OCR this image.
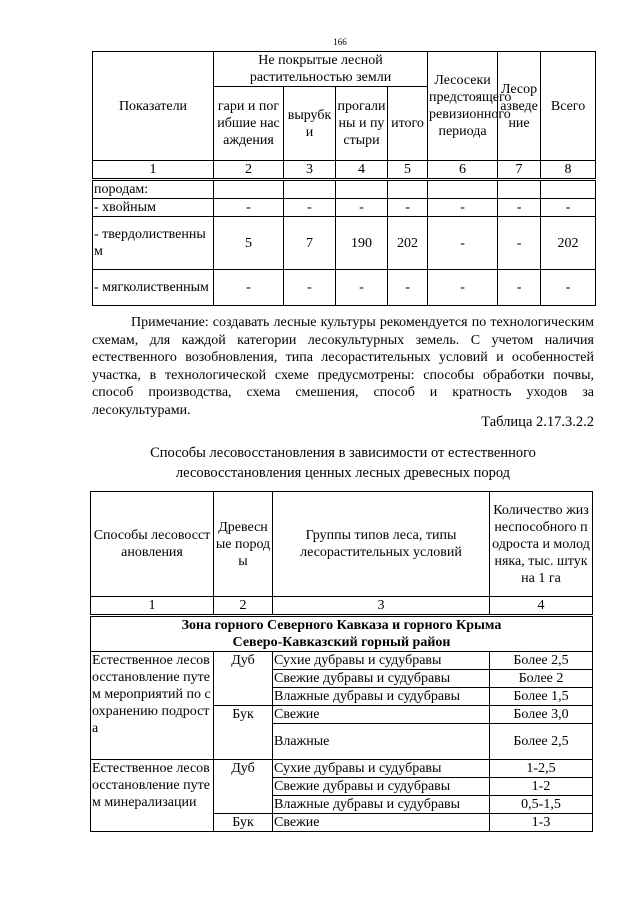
166
Показатели	Не покрытые лесной растительностью земли				Лесосеки предстоящего ревизионного периода	Лесоразведение	Всего
	гари и погибшие насаждения	вырубки	прогалины и пустыри	итого			
1	2	3	4	5	6	7	8
породам:							
- хвойным	-	-	-	-	-	-	-
- твердолиственным	5	7	190	202	-	-	202
- мягколиственным	-	-	-	-	-	-	-

Примечание: создавать лесные культуры рекомендуется по технологическим схемам, для каждой категории лесокультурных земель. С учетом наличия естественного возобновления, типа лесорастительных условий и особенностей участка, в технологической схеме предусмотрены: способы обработки почвы, способ производства, схема смешения, способ и кратность уходов за лесокультурами.

Таблица 2.17.3.2.2
Способы лесовосстановления в зависимости от естественного
лесовосстановления ценных лесных древесных пород
Способы лесовосстановления	Древесные породы	Группы типов леса, типы лесорастительных условий	Количество жизнеспособного подроста и молодняка, тыс. штук на 1 га
1	2	3	4

Зона горного Северного Кавказа и горного Крыма
Северо-Кавказский горный район			

Естественное лесовосстановление путем мероприятий по сохранению подроста	Дуб	Сухие дубравы и судубравы	Более 2,5
		Свежие дубравы и судубравы	Более 2
		Влажные дубравы и судубравы	Более 1,5
	Бук	Свежие	Более 3,0
		Влажные	Более 2,5
Естественное лесовосстановление путем минерализации	Дуб	Сухие дубравы и судубравы	1-2,5
		Свежие дубравы и судубравы	1-2
		Влажные дубравы и судубравы	0,5-1,5
	Бук	Свежие	1-3
